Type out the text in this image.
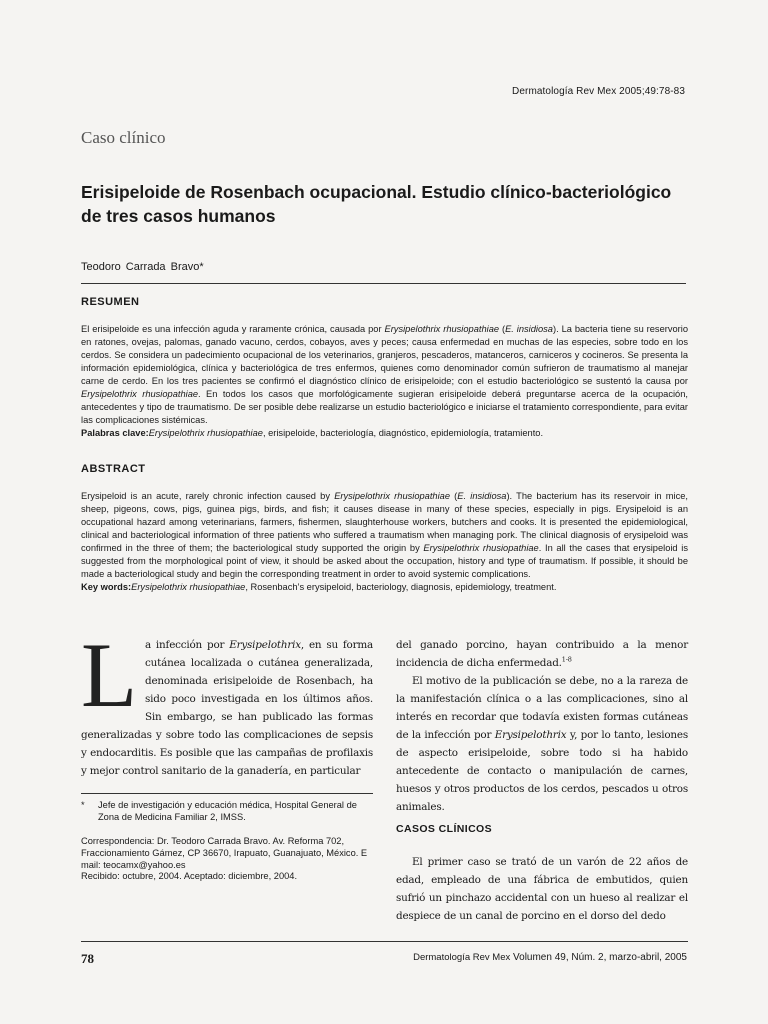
Dermatología Rev Mex 2005;49:78-83
Caso clínico
Erisipeloide de Rosenbach ocupacional. Estudio clínico-bacteriológico de tres casos humanos
Teodoro Carrada Bravo*
RESUMEN
El erisipeloide es una infección aguda y raramente crónica, causada por Erysipelothrix rhusiopathiae (E. insidiosa). La bacteria tiene su reservorio en ratones, ovejas, palomas, ganado vacuno, cerdos, cobayos, aves y peces; causa enfermedad en muchas de las especies, sobre todo en los cerdos. Se considera un padecimiento ocupacional de los veterinarios, granjeros, pescaderos, matanceros, carniceros y cocineros. Se presenta la información epidemiológica, clínica y bacteriológica de tres enfermos, quienes como denominador común sufrieron de traumatismo al manejar carne de cerdo. En los tres pacientes se confirmó el diagnóstico clínico de erisipeloide; con el estudio bacteriológico se sustentó la causa por Erysipelothrix rhusiopathiae. En todos los casos que morfológicamente sugieran erisipeloide deberá preguntarse acerca de la ocupación, antecedentes y tipo de traumatismo. De ser posible debe realizarse un estudio bacteriológico e iniciarse el tratamiento correspondiente, para evitar las complicaciones sistémicas.
Palabras clave:Erysipelothrix rhusiopathiae, erisipeloide, bacteriología, diagnóstico, epidemiología, tratamiento.
ABSTRACT
Erysipeloid is an acute, rarely chronic infection caused by Erysipelothrix rhusiopathiae (E. insidiosa). The bacterium has its reservoir in mice, sheep, pigeons, cows, pigs, guinea pigs, birds, and fish; it causes disease in many of these species, especially in pigs. Erysipeloid is an occupational hazard among veterinarians, farmers, fishermen, slaughterhouse workers, butchers and cooks. It is presented the epidemiological, clinical and bacteriological information of three patients who suffered a traumatism when managing pork. The clinical diagnosis of erysipeloid was confirmed in the three of them; the bacteriological study supported the origin by Erysipelothrix rhusiopathiae. In all the cases that erysipeloid is suggested from the morphological point of view, it should be asked about the occupation, history and type of traumatism. If possible, it should be made a bacteriological study and begin the corresponding treatment in order to avoid systemic complications.
Key words:Erysipelothrix rhusiopathiae, Rosenbach’s erysipeloid, bacteriology, diagnosis, epidemiology, treatment.
La infección por Erysipelothrix, en su forma cutánea localizada o cutánea generalizada, denominada erisipeloide de Rosenbach, ha sido poco investigada en los últimos años. Sin embargo, se han publicado las formas generalizadas y sobre todo las complicaciones de sepsis y endocarditis. Es posible que las campañas de profilaxis y mejor control sanitario de la ganadería, en particular
del ganado porcino, hayan contribuido a la menor incidencia de dicha enfermedad.$^{1-8}$
El motivo de la publicación se debe, no a la rareza de la manifestación clínica o a las complicaciones, sino al interés en recordar que todavía existen formas cutáneas de la infección por Erysipelothrix y, por lo tanto, lesiones de aspecto erisipeloide, sobre todo si ha habido antecedente de contacto o manipulación de carnes, huesos y otros productos de los cerdos, pescados u otros animales.
*	Jefe de investigación y educación médica, Hospital General de Zona de Medicina Familiar 2, IMSS.
Correspondencia: Dr. Teodoro Carrada Bravo. Av. Reforma 702, Fraccionamiento Gámez, CP 36670, Irapuato, Guanajuato, México. E mail: teocamx@yahoo.es
Recibido: octubre, 2004. Aceptado: diciembre, 2004.
CASOS CLÍNICOS
El primer caso se trató de un varón de 22 años de edad, empleado de una fábrica de embutidos, quien sufrió un pinchazo accidental con un hueso al realizar el despiece de un canal de porcino en el dorso del dedo
78	Dermatología Rev Mex Volumen 49, Núm. 2, marzo-abril, 2005
